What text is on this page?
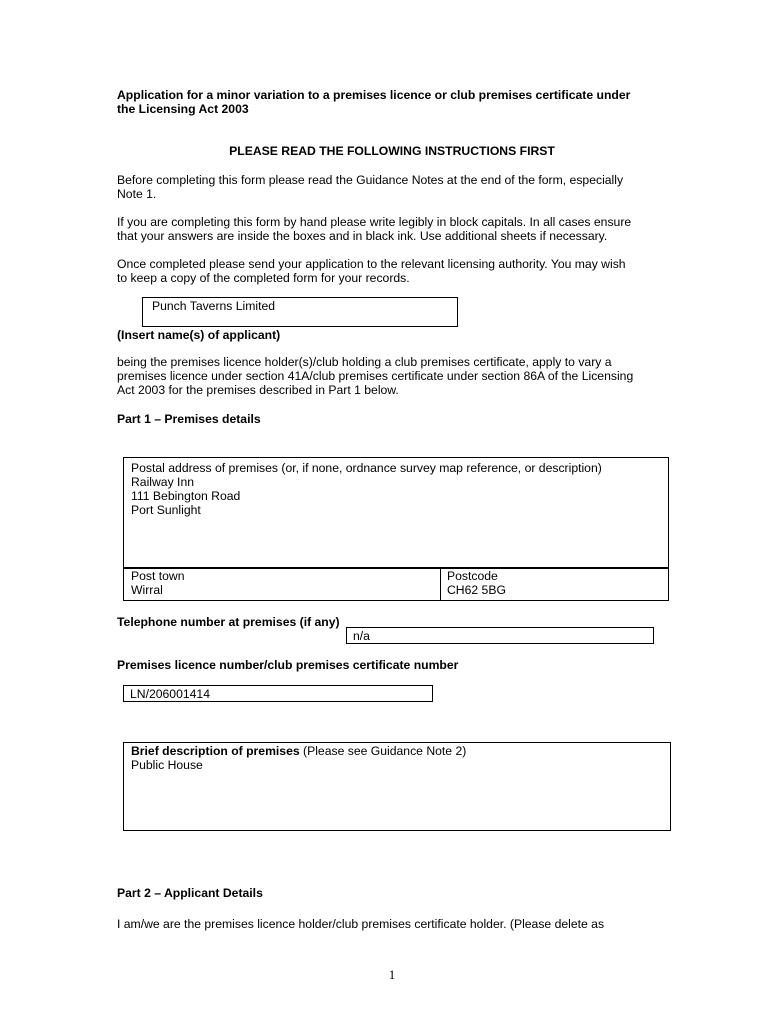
Application for a minor variation to a premises licence or club premises certificate under
the Licensing Act 2003
PLEASE READ THE FOLLOWING INSTRUCTIONS FIRST
Before completing this form please read the Guidance Notes at the end of the form, especially
Note 1.
If you are completing this form by hand please write legibly in block capitals. In all cases ensure
that your answers are inside the boxes and in black ink. Use additional sheets if necessary.
Once completed please send your application to the relevant licensing authority. You may wish
to keep a copy of the completed form for your records.
Punch Taverns Limited
(Insert name(s) of applicant)
being the premises licence holder(s)/club holding a club premises certificate, apply to vary a
premises licence under section 41A/club premises certificate under section 86A of the Licensing
Act 2003 for the premises described in Part 1 below.
Part 1 – Premises details
Postal address of premises (or, if none, ordnance survey map reference, or description)
Railway Inn
111 Bebington Road
Port Sunlight
Post town
Wirral
Postcode
CH62 5BG
Telephone number at premises (if any)
n/a
Premises licence number/club premises certificate number
LN/206001414
Brief description of premises (Please see Guidance Note 2)
Public House
Part 2 – Applicant Details
I am/we are the premises licence holder/club premises certificate holder. (Please delete as
1
